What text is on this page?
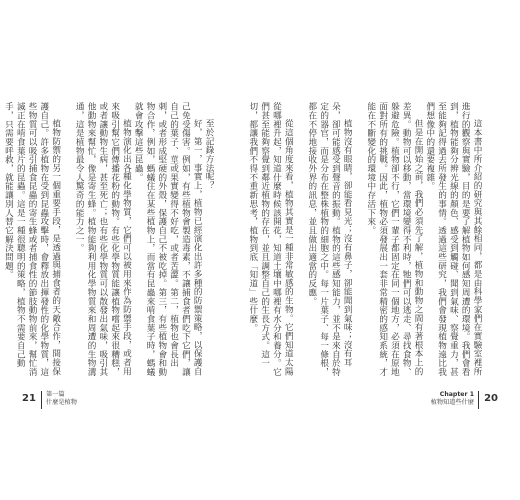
至於記錄方法呢？

好，第一，事實上，植物已經演化出許多種的防禦策略，以保護自己免受傷害。例如，有些植物會製造毒素，不讓捕食者們吃下它們，讓自己的葉子、莖或果實變得不好吃，或者苦澀。第二，植物也會長出刺，或者形成堅硬的外殼，保護自己不被吃掉。第三，有些植物會和動物合作，例如，螞蟻住在某些植物上，而當有昆蟲來啃食葉子時，螞蟻就會攻擊這些昆蟲。

植物演化出各種化學物質，它們可以被用來作為防禦手段，或者用來吸引幫它們傳播花粉的動物。有些化學物質能讓植物嚐起來很糟糕，或者讓動物生病，甚至死亡；也有些化學物質可以散發出氣味，吸引其他動物來幫忙，像是寄生蜂。植物能夠利用化學物質來和周遭的生物溝通，這是植物最令人驚奇的能力之一。

植物防禦的另一個重要手段，是透過與捕食者的天敵合作，間接保護自己。許多植物在受到昆蟲攻擊時，會釋放出揮發性的化學物質，這些物質可以吸引捕食昆蟲的寄生蜂或者捕食性的節肢動物前來，幫忙消滅正在啃食葉片的昆蟲。這是一種很聰明的策略，植物不需要自己動手，只需要呼救，就能讓別人替它解決問題。

21 第一篇
什麼是植物

這本書中所介紹的研究與其餘相同，都是由科學家們在實驗室裡所進行的觀察與實驗，目的是要了解植物如何感知周遭的環境。我們會看到，植物能夠分辨光線的顏色、感受到觸碰、聞到氣味、察覺重力，甚至能夠記得過去所發生的事情。透過這些研究，我們會發現植物遠比我們想像中的還要複雜。

但是在開始之前，我們必須先了解，植物和動物之間有著根本上的差異。動物可以移動，當環境變得不利時，牠們可以逃走、尋找食物、躲避危險。植物卻不行，它們一輩子都固定在同一個地方，必須在原地面對所有的挑戰。因此，植物必須發展出一套非常精密的感知系統，才能在不斷變化的環境中存活下來。

植物沒有眼睛，卻能看見光；沒有鼻子，卻能聞到氣味；沒有耳朵，卻可能感受到聲音的振動。植物的這些感知能力，並不是來自於特定的器官，而是分布在整株植物的細胞之中。每一片葉子、每一條根，都在不停地接收外界的訊息，並且做出適當的反應。

從這個角度來看，植物其實是一種非常敏感的生物。它們知道太陽從哪裡升起，知道什麼時候該開花，知道土壤中哪裡有水分和養分。它們甚至能夠察覺到鄰近植物的存在，並且調整自己的生長方式。這一切，都讓我們不得不重新思考，植物到底「知道」些什麼。

Chapter 1
植物知道些什麼 20
